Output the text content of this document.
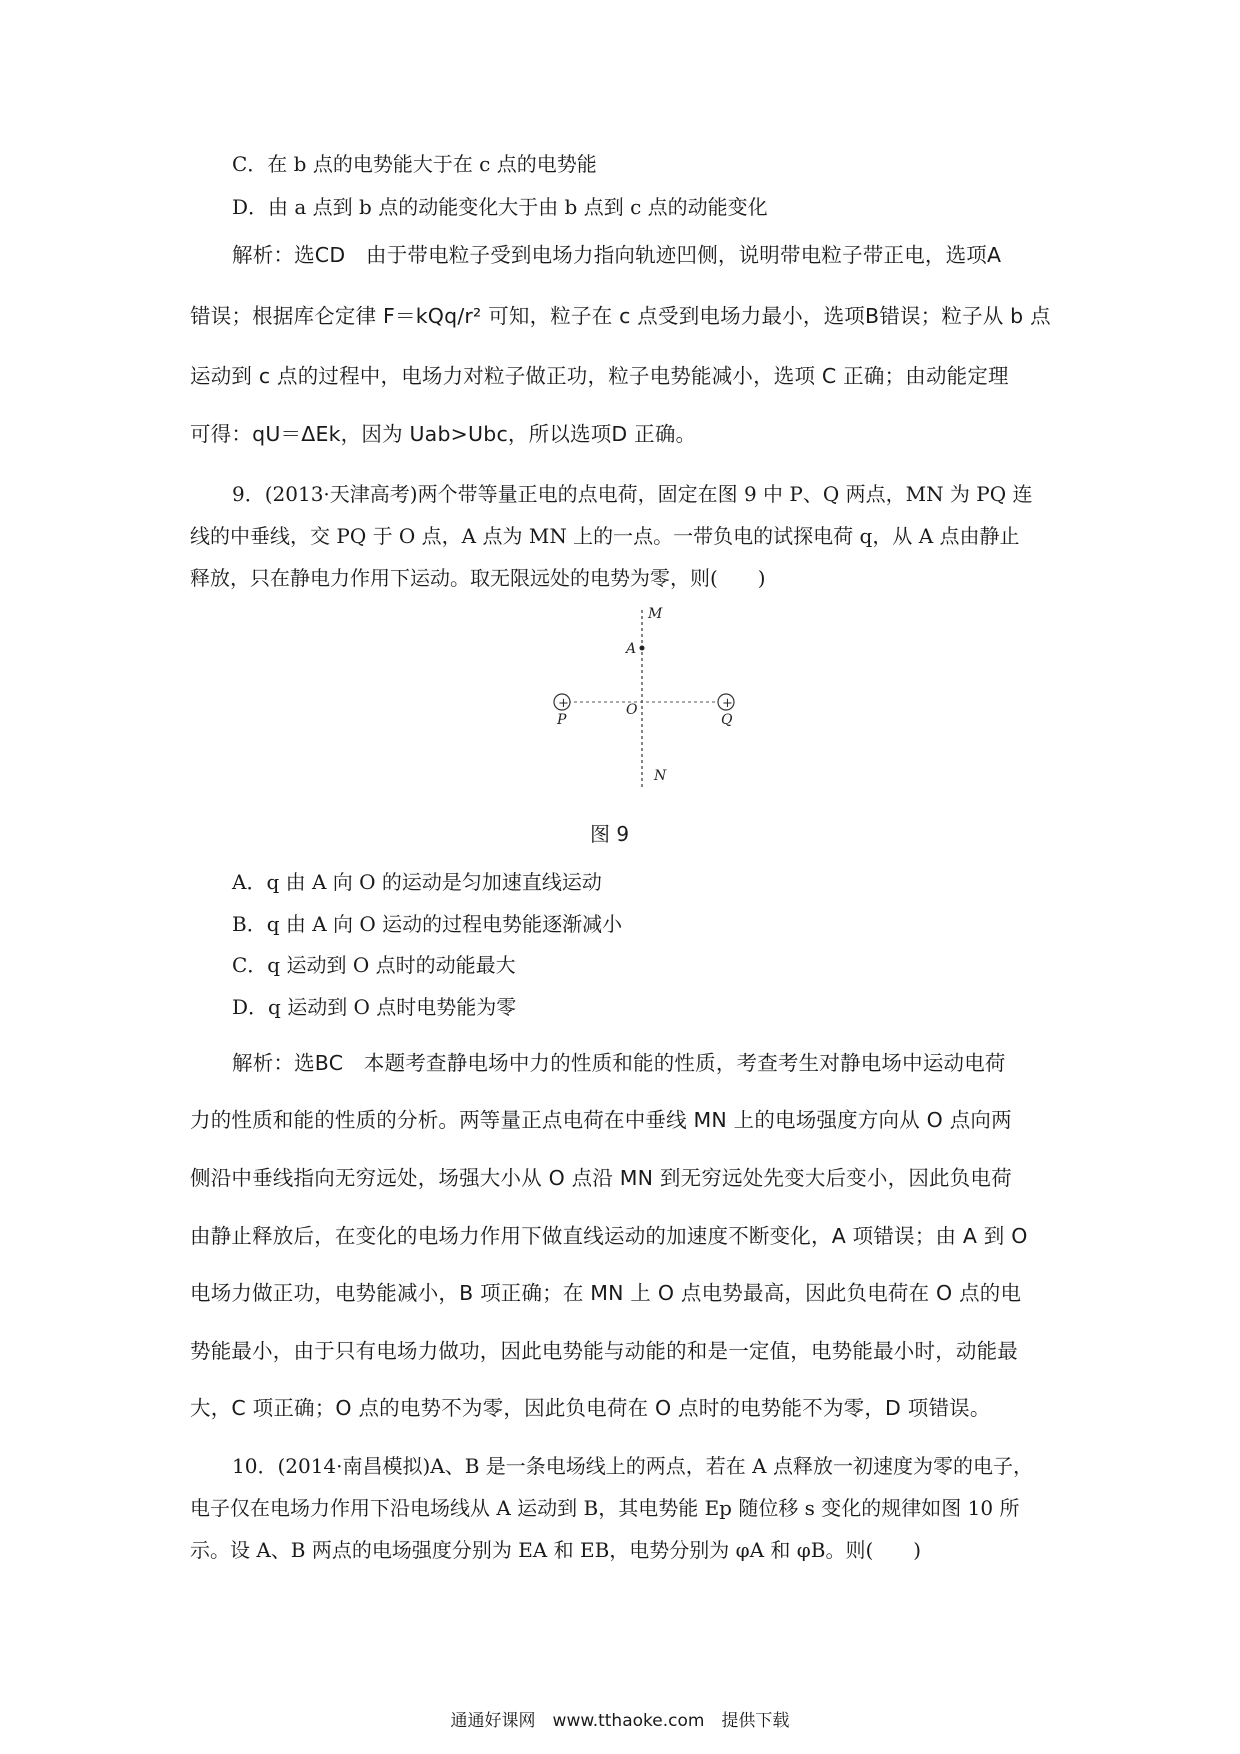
C．在 b 点的电势能大于在 c 点的电势能
D．由 a 点到 b 点的动能变化大于由 b 点到 c 点的动能变化
解析：选CD　由于带电粒子受到电场力指向轨迹凹侧，说明带电粒子带正电，选项A
错误；根据库仑定律 F＝kQq/r² 可知，粒子在 c 点受到电场力最小，选项B错误；粒子从 b 点
运动到 c 点的过程中，电场力对粒子做正功，粒子电势能减小，选项 C 正确；由动能定理
可得：qU＝ΔEk，因为 Uab>Ubc，所以选项D 正确。
9．(2013·天津高考)两个带等量正电的点电荷，固定在图 9 中 P、Q 两点，MN 为 PQ 连
线的中垂线，交 PQ 于 O 点，A 点为 MN 上的一点。一带负电的试探电荷 q，从 A 点由静止
释放，只在静电力作用下运动。取无限远处的电势为零，则(　　)
+	+
M
A
O
P	Q
N
图 9
A．q 由 A 向 O 的运动是匀加速直线运动
B．q 由 A 向 O 运动的过程电势能逐渐减小
C．q 运动到 O 点时的动能最大
D．q 运动到 O 点时电势能为零
解析：选BC　本题考查静电场中力的性质和能的性质，考查考生对静电场中运动电荷
力的性质和能的性质的分析。两等量正点电荷在中垂线 MN 上的电场强度方向从 O 点向两
侧沿中垂线指向无穷远处，场强大小从 O 点沿 MN 到无穷远处先变大后变小，因此负电荷
由静止释放后，在变化的电场力作用下做直线运动的加速度不断变化，A 项错误；由 A 到 O
电场力做正功，电势能减小，B 项正确；在 MN 上 O 点电势最高，因此负电荷在 O 点的电
势能最小，由于只有电场力做功，因此电势能与动能的和是一定值，电势能最小时，动能最
大，C 项正确；O 点的电势不为零，因此负电荷在 O 点时的电势能不为零，D 项错误。
10．(2014·南昌模拟)A、B 是一条电场线上的两点，若在 A 点释放一初速度为零的电子，
电子仅在电场力作用下沿电场线从 A 运动到 B，其电势能 Ep 随位移 s 变化的规律如图 10 所
示。设 A、B 两点的电场强度分别为 EA 和 EB，电势分别为 φA 和 φB。则(　　)
通通好课网　www.tthaoke.com　提供下载
